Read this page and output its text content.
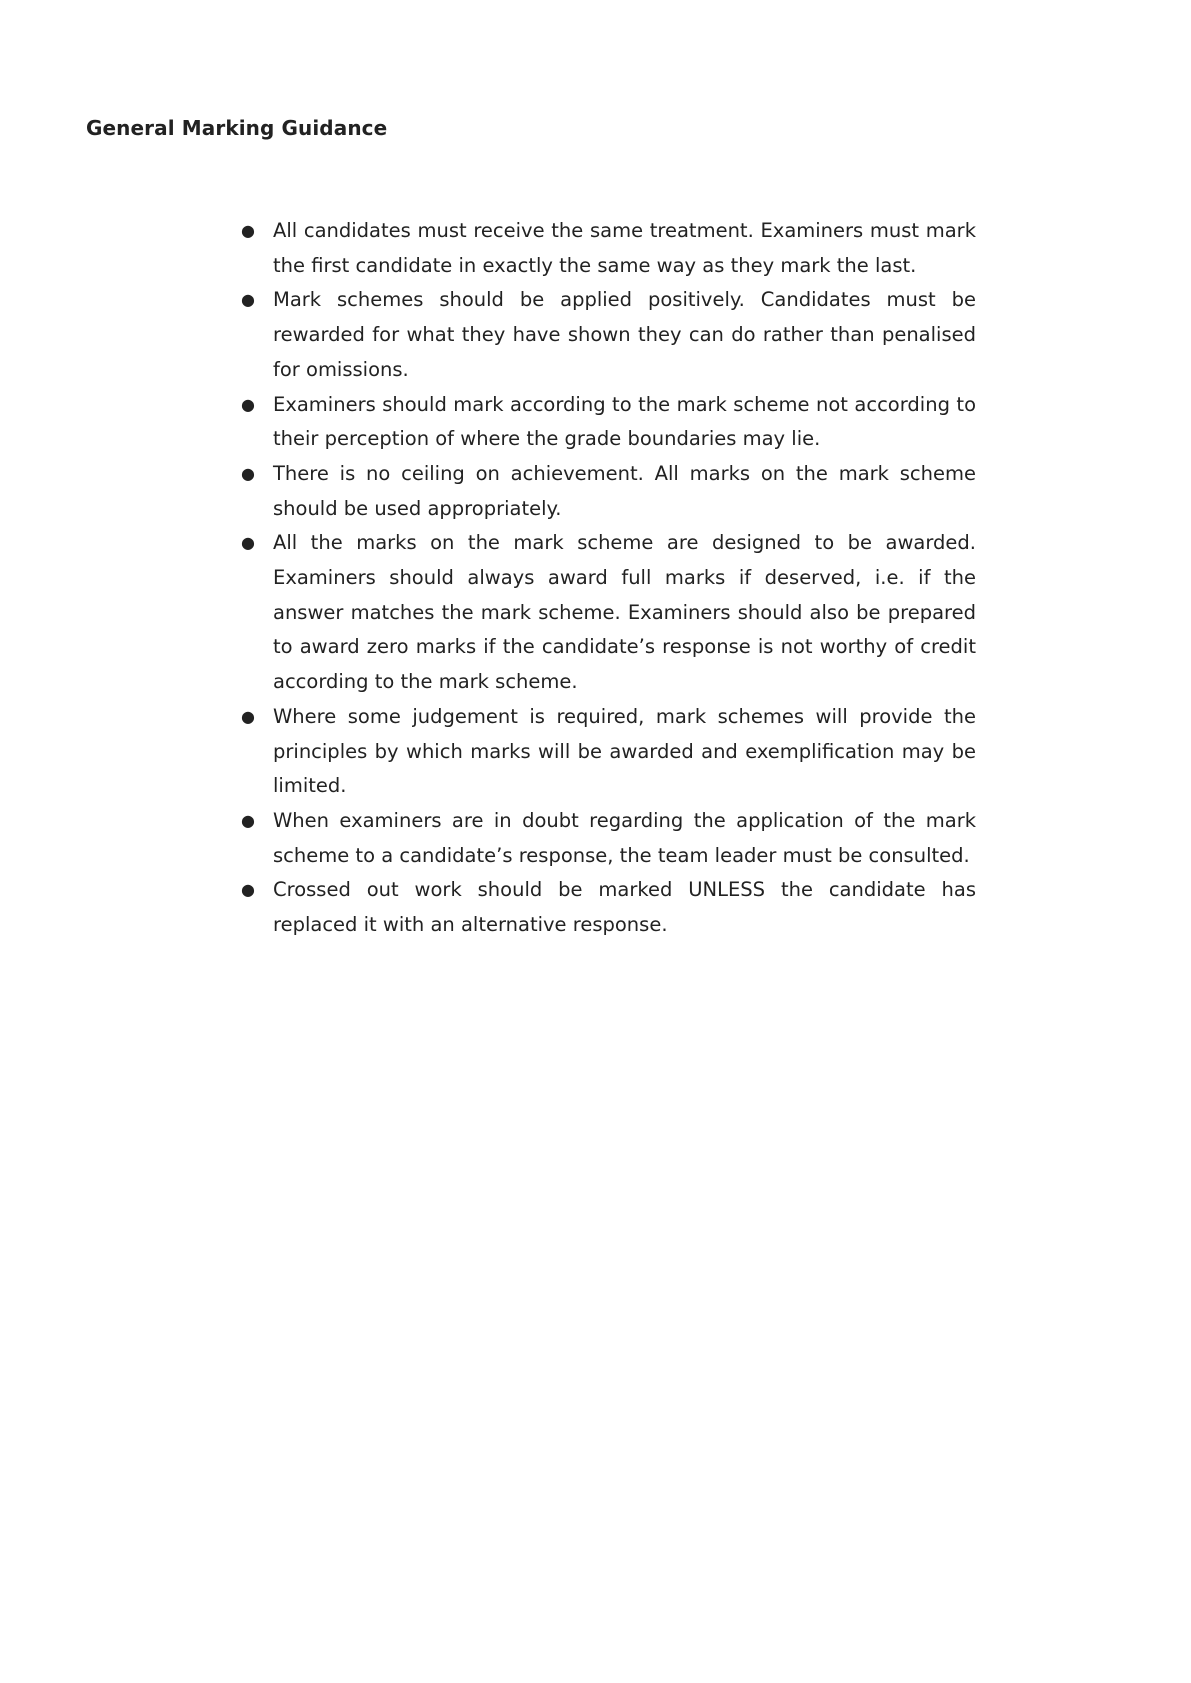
General Marking Guidance
● All candidates must receive the same treatment. Examiners must mark the first candidate in exactly the same way as they mark the last.
● Mark schemes should be applied positively. Candidates must be rewarded for what they have shown they can do rather than penalised for omissions.
● Examiners should mark according to the mark scheme not according to their perception of where the grade boundaries may lie.
● There is no ceiling on achievement. All marks on the mark scheme should be used appropriately.
● All the marks on the mark scheme are designed to be awarded. Examiners should always award full marks if deserved, i.e. if the answer matches the mark scheme. Examiners should also be prepared to award zero marks if the candidate’s response is not worthy of credit according to the mark scheme.
● Where some judgement is required, mark schemes will provide the principles by which marks will be awarded and exemplification may be limited.
● When examiners are in doubt regarding the application of the mark scheme to a candidate’s response, the team leader must be consulted.
● Crossed out work should be marked UNLESS the candidate has replaced it with an alternative response.
